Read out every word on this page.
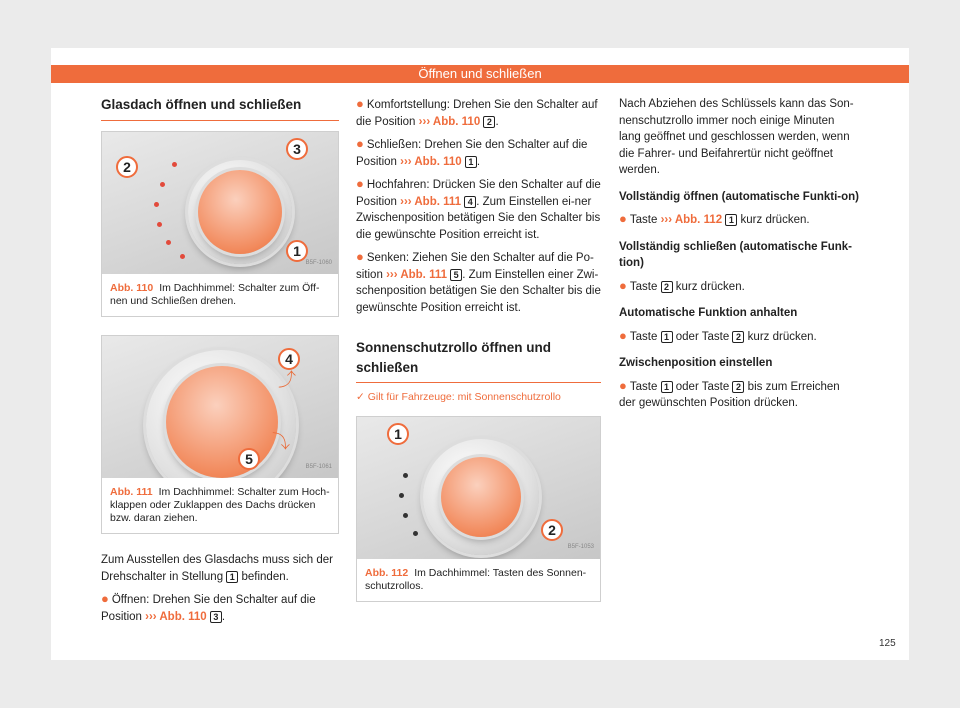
Öffnen und schließen
Glasdach öffnen und schließen
2
3
1
B5F-1060
Abb. 110 Im Dachhimmel: Schalter zum Öff-nen und Schließen drehen.
⤴
⤵
4
5	B5F-1061
Abb. 111 Im Dachhimmel: Schalter zum Hoch-klappen oder Zuklappen des Dachs drücken bzw. daran ziehen.
Zum Ausstellen des Glasdachs muss sich der Drehschalter in Stellung 1 befinden.
● Öffnen: Drehen Sie den Schalter auf die Position ››› Abb. 110 3 .
● Komfortstellung: Drehen Sie den Schalter auf die Position ››› Abb. 110 2 .
● Schließen: Drehen Sie den Schalter auf die Position ››› Abb. 110 1 .
● Hochfahren: Drücken Sie den Schalter auf die Position ››› Abb. 111 4 . Zum Einstellen ei-ner Zwischenposition betätigen Sie den Schalter bis die gewünschte Position erreicht ist.
● Senken: Ziehen Sie den Schalter auf die Po-sition ››› Abb. 111 5 . Zum Einstellen einer Zwi-schenposition betätigen Sie den Schalter bis die gewünschte Position erreicht ist.
Sonnenschutzrollo öffnen und schließen
✓ Gilt für Fahrzeuge: mit Sonnenschutzrollo
1
2
B5F-1053
Abb. 112 Im Dachhimmel: Tasten des Sonnen-schutzrollos.
Nach Abziehen des Schlüssels kann das Son-nenschutzrollo immer noch einige Minuten lang geöffnet und geschlossen werden, wenn die Fahrer- und Beifahrertür nicht geöffnet werden.
Vollständig öffnen (automatische Funkti-on)
● Taste ››› Abb. 112 1 kurz drücken.
Vollständig schließen (automatische Funk-tion)
● Taste 2 kurz drücken.
Automatische Funktion anhalten
● Taste 1 oder Taste 2 kurz drücken.
Zwischenposition einstellen
● Taste 1 oder Taste 2 bis zum Erreichen der gewünschten Position drücken.
125
